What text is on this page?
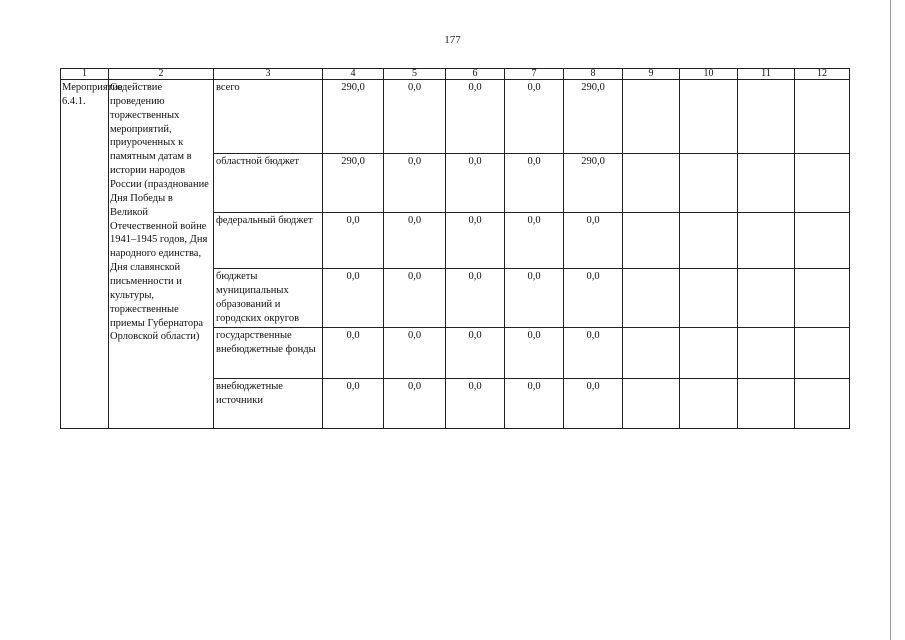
177
1	2	3	4	5	6	7	8	9	10	11	12
Мероприятие 6.4.1.	Содействие проведению торжественных мероприятий, приуроченных к памятным датам в истории народов России (празднование Дня Победы в Великой Отечественной войне 1941–1945 годов, Дня народного единства, Дня славянской письменности и культуры, торжественные приемы Губернатора Орловской области)	всего	290,0	0,0	0,0	0,0	290,0				
		областной бюджет	290,0	0,0	0,0	0,0	290,0				
		федеральный бюджет	0,0	0,0	0,0	0,0	0,0				
		бюджеты муниципальных образований и городских округов	0,0	0,0	0,0	0,0	0,0				
		государственные внебюджетные фонды	0,0	0,0	0,0	0,0	0,0				
		внебюджетные источники	0,0	0,0	0,0	0,0	0,0				
